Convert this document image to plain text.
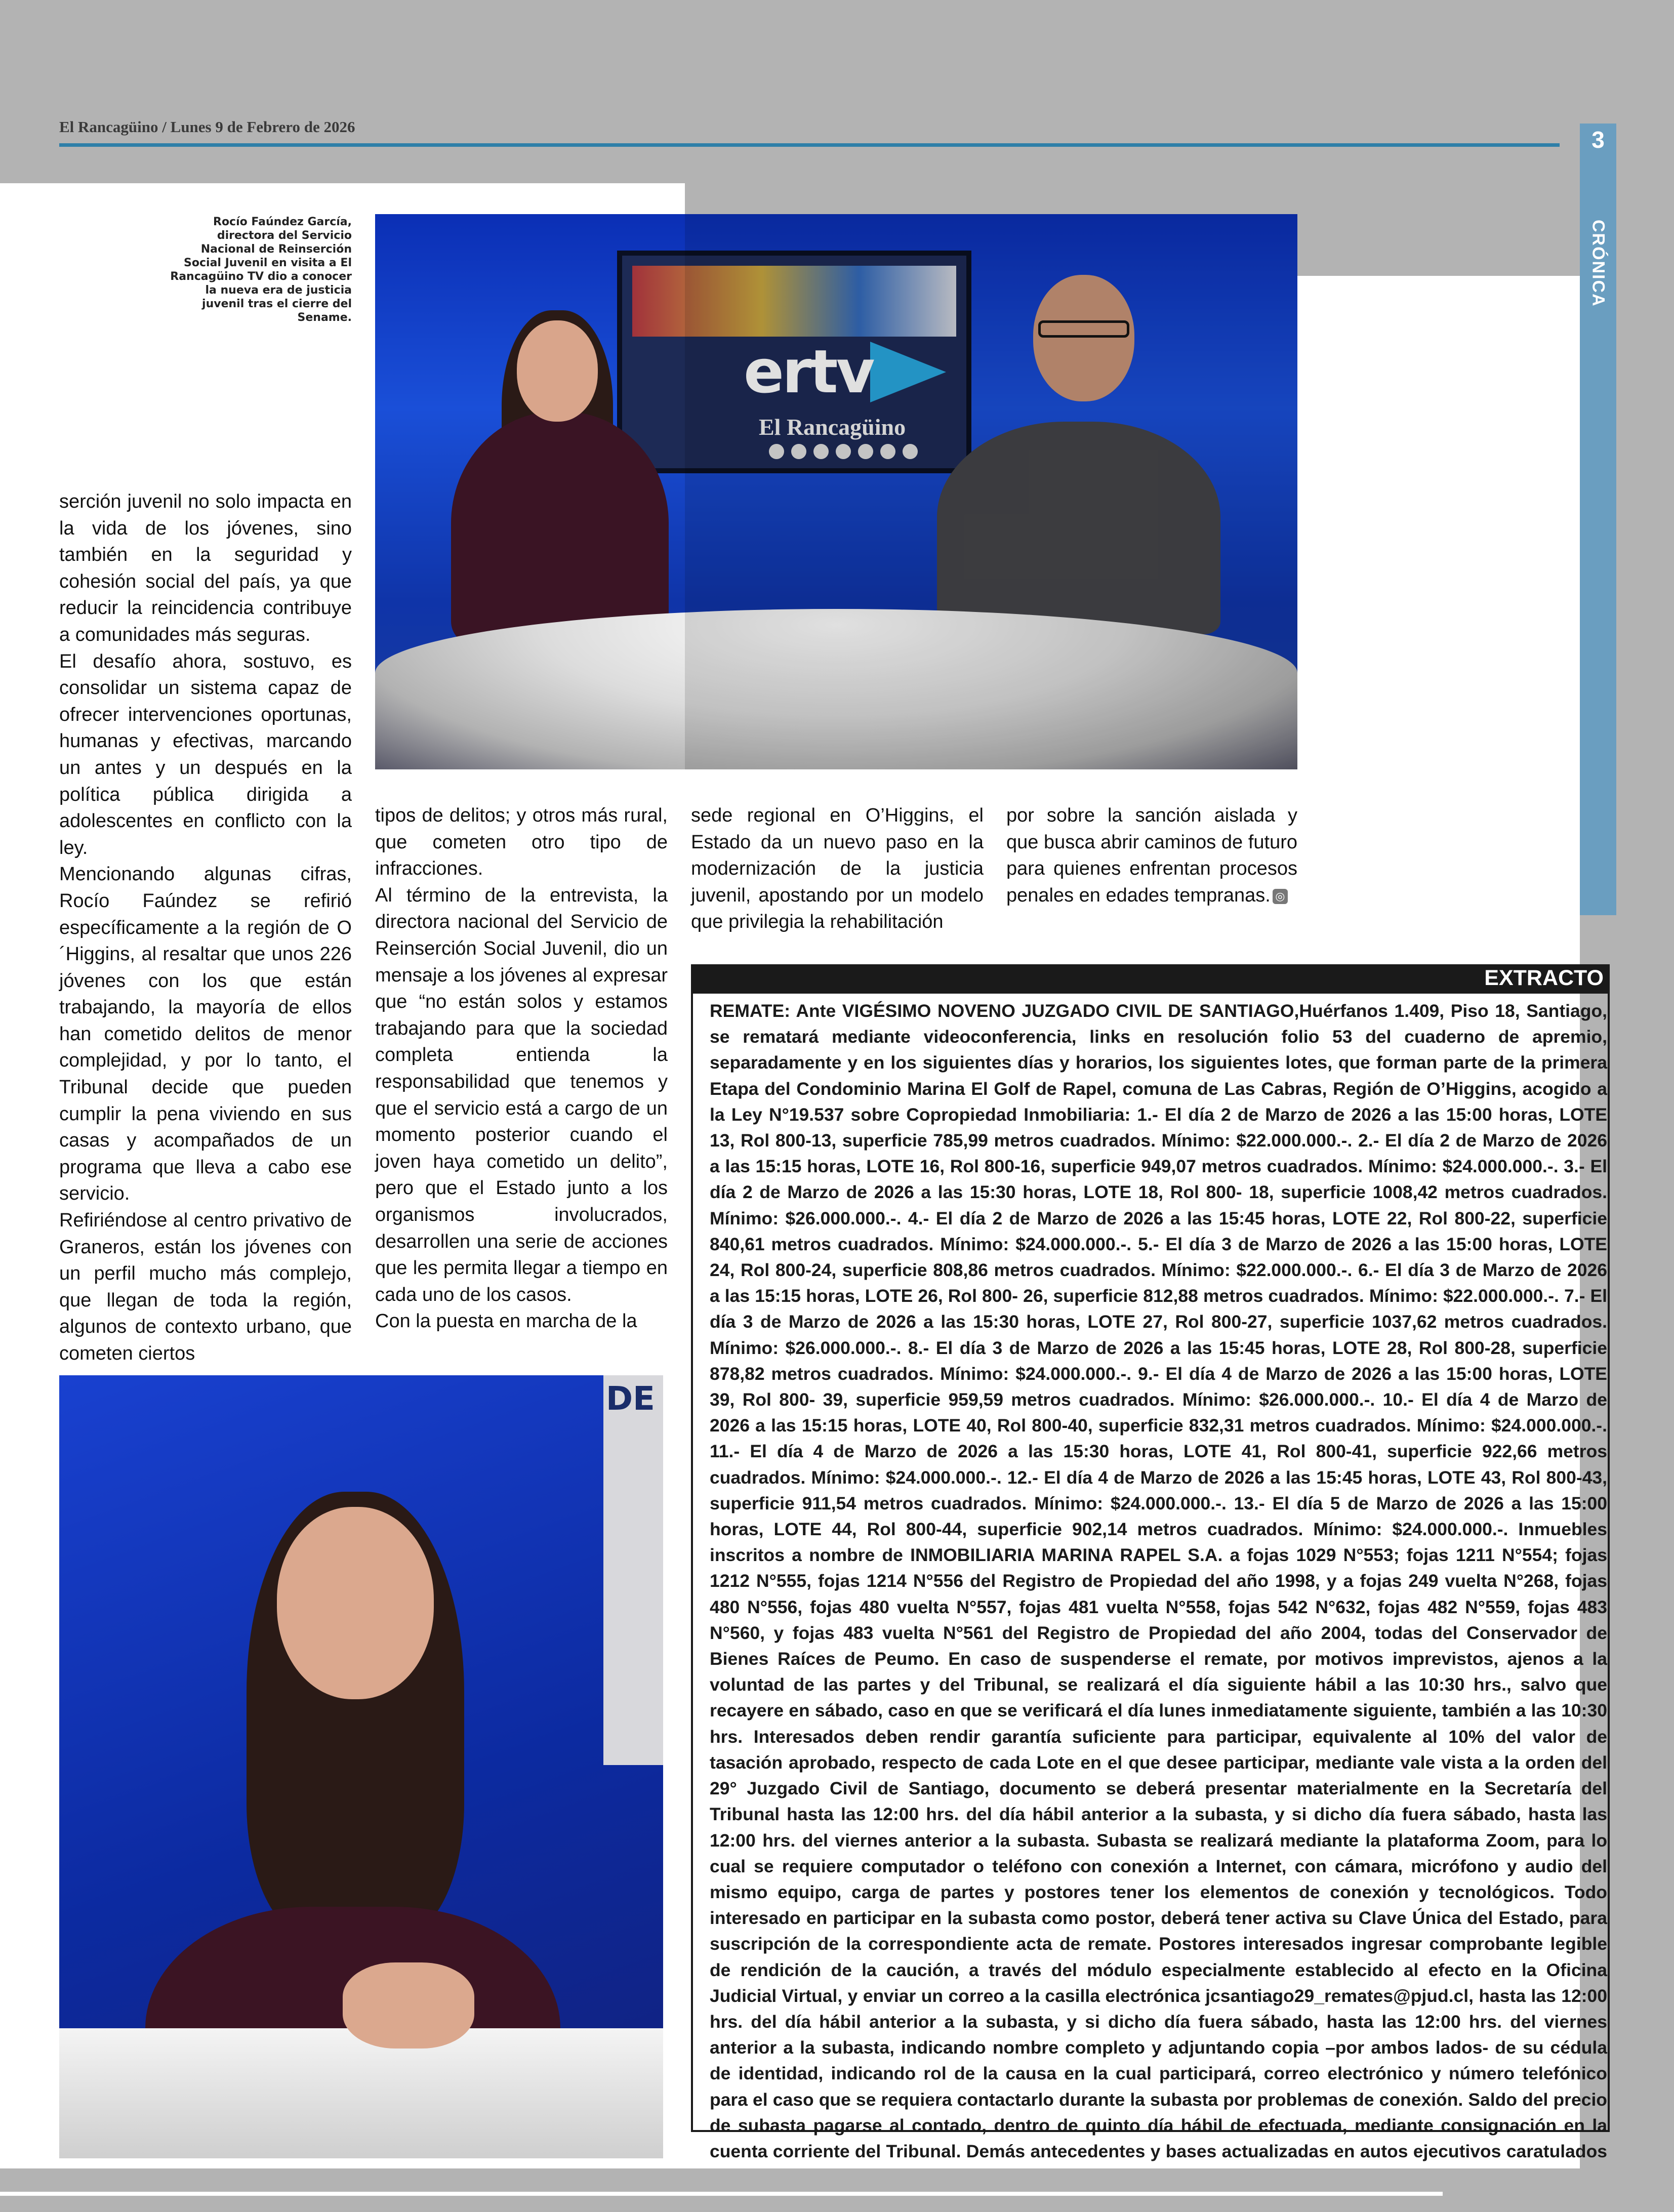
El Rancagüino / Lunes 9 de Febrero de 2026	3
CRÓNICA
Rocío Faúndez García, directora del Servicio Nacional de Reinserción Social Juvenil en visita a El Rancagüino TV dio a conocer la nueva era de justicia juvenil tras el cierre del Sename.
ertv
El Rancagüino

serción juvenil no solo impacta en la vida de los jóvenes, sino también en la seguridad y cohesión social del país, ya que reducir la reincidencia contribuye a comunidades más seguras.

El desafío ahora, sostuvo, es consolidar un sistema capaz de ofrecer intervenciones oportunas, humanas y efectivas, marcando un antes y un después en la política pública dirigida a adolescentes en conflicto con la ley.

Mencionando algunas cifras, Rocío Faúndez se refirió específicamente a la región de O´Higgins, al resaltar que unos 226 jóvenes con los que están trabajando, la mayoría de ellos han cometido delitos de menor complejidad, y por lo tanto, el Tribunal decide que pueden cumplir la pena viviendo en sus casas y acompañados de un programa que lleva a cabo ese servicio.

Refiriéndose al centro privativo de Graneros, están los jóvenes con un perfil mucho más complejo, que llegan de toda la región, algunos de contexto urbano, que cometen ciertos

tipos de delitos; y otros más rural, que cometen otro tipo de infracciones.

Al término de la entrevista, la directora nacional del Servicio de Reinserción Social Juvenil, dio un mensaje a los jóvenes al expresar que “no están solos y estamos trabajando para que la sociedad completa entienda la responsabilidad que tenemos y que el servicio está a cargo de un momento posterior cuando el joven haya cometido un delito”, pero que el Estado junto a los organismos involucrados, desarrollen una serie de acciones que les permita llegar a tiempo en cada uno de los casos.

Con la puesta en marcha de la

sede regional en O’Higgins, el Estado da un nuevo paso en la modernización de la justicia juvenil, apostando por un modelo que privilegia la rehabilitación

por sobre la sanción aislada y que busca abrir caminos de futuro para quienes enfrentan procesos penales en edades tempranas. ◎

DE
EXTRACTO
REMATE: Ante VIGÉSIMO NOVENO JUZGADO CIVIL DE SANTIAGO,Huérfanos 1.409, Piso 18, Santiago, se rematará mediante videoconferencia, links en resolución folio 53 del cuaderno de apremio, separadamente y en los siguientes días y horarios, los siguientes lotes, que forman parte de la primera Etapa del Condominio Marina El Golf de Rapel, comuna de Las Cabras, Región de O’Higgins, acogido a la Ley N°19.537 sobre Copropiedad Inmobiliaria: 1.- El día 2 de Marzo de 2026 a las 15:00 horas, LOTE 13, Rol 800-13, superficie 785,99 metros cuadrados. Mínimo: $22.000.000.-. 2.- El día 2 de Marzo de 2026 a las 15:15 horas, LOTE 16, Rol 800-16, superficie 949,07 metros cuadrados. Mínimo: $24.000.000.-. 3.- El día 2 de Marzo de 2026 a las 15:30 horas, LOTE 18, Rol 800- 18, superficie 1008,42 metros cuadrados. Mínimo: $26.000.000.-. 4.- El día 2 de Marzo de 2026 a las 15:45 horas, LOTE 22, Rol 800-22, superficie 840,61 metros cuadrados. Mínimo: $24.000.000.-. 5.- El día 3 de Marzo de 2026 a las 15:00 horas, LOTE 24, Rol 800-24, superficie 808,86 metros cuadrados. Mínimo: $22.000.000.-. 6.- El día 3 de Marzo de 2026 a las 15:15 horas, LOTE 26, Rol 800- 26, superficie 812,88 metros cuadrados. Mínimo: $22.000.000.-. 7.- El día 3 de Marzo de 2026 a las 15:30 horas, LOTE 27, Rol 800-27, superficie 1037,62 metros cuadrados. Mínimo: $26.000.000.-. 8.- El día 3 de Marzo de 2026 a las 15:45 horas, LOTE 28, Rol 800-28, superficie 878,82 metros cuadrados. Mínimo: $24.000.000.-. 9.- El día 4 de Marzo de 2026 a las 15:00 horas, LOTE 39, Rol 800- 39, superficie 959,59 metros cuadrados. Mínimo: $26.000.000.-. 10.- El día 4 de Marzo de 2026 a las 15:15 horas, LOTE 40, Rol 800-40, superficie 832,31 metros cuadrados. Mínimo: $24.000.000.-. 11.- El día 4 de Marzo de 2026 a las 15:30 horas, LOTE 41, Rol 800-41, superficie 922,66 metros cuadrados. Mínimo: $24.000.000.-. 12.- El día 4 de Marzo de 2026 a las 15:45 horas, LOTE 43, Rol 800-43, superficie 911,54 metros cuadrados. Mínimo: $24.000.000.-. 13.- El día 5 de Marzo de 2026 a las 15:00 horas, LOTE 44, Rol 800-44, superficie 902,14 metros cuadrados. Mínimo: $24.000.000.-. Inmuebles inscritos a nombre de INMOBILIARIA MARINA RAPEL S.A. a fojas 1029 N°553; fojas 1211 N°554; fojas 1212 N°555, fojas 1214 N°556 del Registro de Propiedad del año 1998, y a fojas 249 vuelta N°268, fojas 480 N°556, fojas 480 vuelta N°557, fojas 481 vuelta N°558, fojas 542 N°632, fojas 482 N°559, fojas 483 N°560, y fojas 483 vuelta N°561 del Registro de Propiedad del año 2004, todas del Conservador de Bienes Raíces de Peumo. En caso de suspenderse el remate, por motivos imprevistos, ajenos a la voluntad de las partes y del Tribunal, se realizará el día siguiente hábil a las 10:30 hrs., salvo que recayere en sábado, caso en que se verificará el día lunes inmediatamente siguiente, también a las 10:30 hrs. Interesados deben rendir garantía suficiente para participar, equivalente al 10% del valor de tasación aprobado, respecto de cada Lote en el que desee participar, mediante vale vista a la orden del 29° Juzgado Civil de Santiago, documento se deberá presentar materialmente en la Secretaría del Tribunal hasta las 12:00 hrs. del día hábil anterior a la subasta, y si dicho día fuera sábado, hasta las 12:00 hrs. del viernes anterior a la subasta. Subasta se realizará mediante la plataforma Zoom, para lo cual se requiere computador o teléfono con conexión a Internet, con cámara, micrófono y audio del mismo equipo, carga de partes y postores tener los elementos de conexión y tecnológicos. Todo interesado en participar en la subasta como postor, deberá tener activa su Clave Única del Estado, para suscripción de la correspondiente acta de remate. Postores interesados ingresar comprobante legible de rendición de la caución, a través del módulo especialmente establecido al efecto en la Oficina Judicial Virtual, y enviar un correo a la casilla electrónica jcsantiago29_remates@pjud.cl, hasta las 12:00 hrs. del día hábil anterior a la subasta, y si dicho día fuera sábado, hasta las 12:00 hrs. del viernes anterior a la subasta, indicando nombre completo y adjuntando copia –por ambos lados- de su cédula de identidad, indicando rol de la causa en la cual participará, correo electrónico y número telefónico para el caso que se requiera contactarlo durante la subasta por problemas de conexión. Saldo del precio de subasta pagarse al contado, dentro de quinto día hábil de efectuada, mediante consignación en la cuenta corriente del Tribunal. Demás antecedentes y bases actualizadas en autos ejecutivos caratulados
